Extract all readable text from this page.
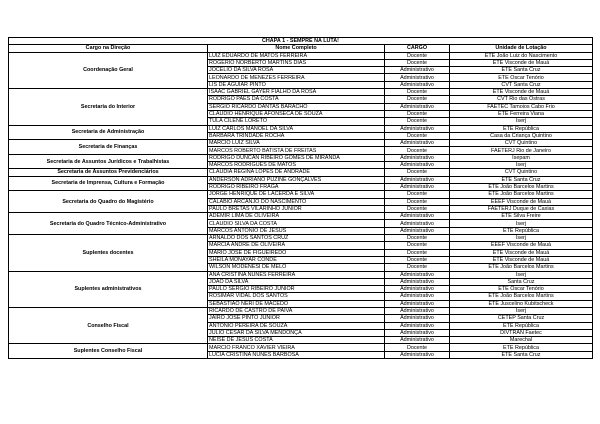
CHAPA 1 - SEMPRE NA LUTA!			
Cargo na Direção	Nome Completo	CARGO	Unidade de Lotação
Coordenação Geral	LUIZ EDUARDO DE MATOS FERREIRA	Docente	ETE João Luiz do Nascimento
	ROGÉRIO NORBERTO MARTINS DIAS	Docente	ETE Visconde de Mauá
	JOCÉLIO DA SILVA ROSA	Administrativo	ETE Santa Cruz
	LEONARDO DE MENEZES FERREIRA	Administrativo	ETE Oscar Tenório
	LIS DE AGUIAR PINTO	Administrativo	CVT Santa Cruz
Secretaria do Interior	ISAAC GABRIEL GAYER FIALHO DA ROSA	Docente	ETE Visconde de Mauá
	RODRIGO PAES DA COSTA	Docente	CVT Rio das Ostras
	SERGIO RICARDO DANTAS BARACHO	Administrativo	FAETEC Tamoios Cabo Frio
	CLAUDIO HENRIQUE AFONSECA DE SOUZA	Docente	ETE Ferreira Viana
	TULA CILENE LORETO	Docente	Iserj
Secretaria de Administração	LUIZ CARLOS MANOEL DA SILVA	Administrativo	ETE República
	BARBARA TRINDADE ROCHA	Docente	Casa da Criança Quintino
Secretaria de Finanças	MARCIO LUIZ SILVA	Administrativo	CVT Quintino
	MARCOS ROBERTO BATISTA DE FREITAS	Docente	FAETERJ Rio de Janeiro
Secretaria de Assuntos Jurídicos e Trabalhistas	RODRIGO DUNCAN RIBEIRO GOMES DE MIRANDA	Administrativo	Isepam
	MARCOS RODRIGUES DE MATOS	Administrativo	Iserj
Secretaria de Assuntos Previdenciários	CLAUDIA REGINA LOPES DE ANDRADE	Docente	CVT Quintino
Secretaria de Imprensa, Cultura e Formação	ANDERSON ADRIANO PUZINE GONÇALVES	Administrativo	ETE Santa Cruz
	RODRIGO RIBEIRO FRAGA	Administrativo	ETE João Barcelos Martins
Secretaria do Quadro do Magistério	JORGE HENRIQUE DE LACERDA E SILVA	Docente	ETE João Barcelos Martins
	CALÁBIO ARCANJO DO NASCIMENTO	Docente	EEEF Visconde de Mauá
	PAULO BRETAS VILARINHO JUNIOR	Docente	FAETERJ Duque de Caxias
Secretaria do Quadro Técnico-Administrativo	ADEMIR LIMA DE OLIVEIRA	Administrativo	ETE Silva Freire
	CLAUDIO SILVA DA COSTA	Administrativo	Iserj
	MARCOS ANTONIO DE JESUS	Administrativo	ETE República
Suplentes docentes	ARNALDO DOS SANTOS CRUZ	Docente	Iserj
	MARCIA ANDRÉ DE OLIVEIRA	Docente	EEEF Visconde de Mauá
	MARIO JOSÉ DE FIGUEIREDO	Docente	ETE Visconde de Mauá
	SHEILA MONAYAR CONDE	Docente	ETE Visconde de Mauá
	WILSON MODENESI DE MELO	Docente	ETE João Barcelos Martins
Suplentes administrativos	ANA CRISTINA NUNES FERREIRA	Administrativo	Iserj
	JOAO DA SILVA	Administrativo	Santa Cruz
	PAULO SERGIO RIBEIRO JUNIOR	Administrativo	ETE Oscar Tenório
	ROSIMAR VIDAL DOS SANTOS	Administrativo	ETE João Barcelos Martins
	SEBASTIÃO NERI DE MACEDO	Administrativo	ETE Juscelino Kubitscheck
Conselho Fiscal	RICARDO DE CASTRO DE PAIVA	Administrativo	Iserj
	JAIRO JOSÉ PINTO JUNIOR	Administrativo	CETEP Santa Cruz
	ANTONIO PEREIRA DE SOUZA	Administrativo	ETE República
	JULIO CESAR DA SILVA MENDONÇA	Administrativo	DIVTRAN Faetec
	NEISE DE JESUS COSTA	Administrativo	Marechal
Suplentes Conselho Fiscal	MARCIO FRANCO XAVIER VIEIRA	Docente	ETE República
	LUCIA CRISTINA NUNES BARBOSA	Administrativo	ETE Santa Cruz
